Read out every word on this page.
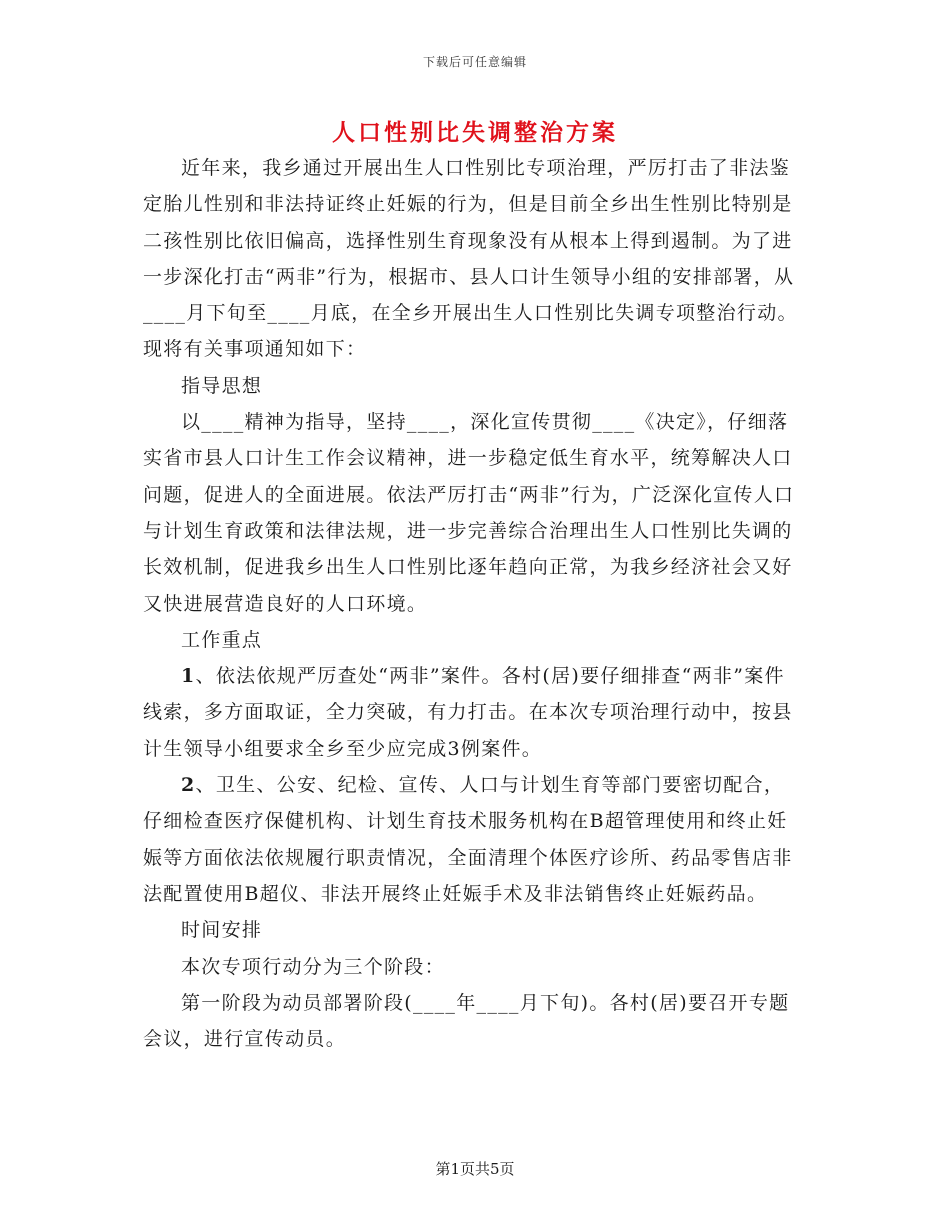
下载后可任意编辑
人口性别比失调整治方案

近年来，我乡通过开展出生人口性别比专项治理，严厉打击了非法鉴定胎儿性别和非法持证终止妊娠的行为，但是目前全乡出生性别比特别是二孩性别比依旧偏高，选择性别生育现象没有从根本上得到遏制。为了进一步深化打击“两非”行为，根据市、县人口计生领导小组的安排部署，从____月下旬至____月底，在全乡开展出生人口性别比失调专项整治行动。现将有关事项通知如下：

指导思想

以____精神为指导，坚持____，深化宣传贯彻____《决定》，仔细落实省市县人口计生工作会议精神，进一步稳定低生育水平，统筹解决人口问题，促进人的全面进展。依法严厉打击“两非”行为，广泛深化宣传人口与计划生育政策和法律法规，进一步完善综合治理出生人口性别比失调的长效机制，促进我乡出生人口性别比逐年趋向正常，为我乡经济社会又好又快进展营造良好的人口环境。

工作重点

1、依法依规严厉查处“两非”案件。各村(居)要仔细排查“两非”案件线索，多方面取证，全力突破，有力打击。在本次专项治理行动中，按县计生领导小组要求全乡至少应完成3例案件。

2、卫生、公安、纪检、宣传、人口与计划生育等部门要密切配合，仔细检查医疗保健机构、计划生育技术服务机构在B超管理使用和终止妊娠等方面依法依规履行职责情况，全面清理个体医疗诊所、药品零售店非法配置使用B超仪、非法开展终止妊娠手术及非法销售终止妊娠药品。

时间安排

本次专项行动分为三个阶段：

第一阶段为动员部署阶段(____年____月下旬)。各村(居)要召开专题会议，进行宣传动员。

第1页共5页
